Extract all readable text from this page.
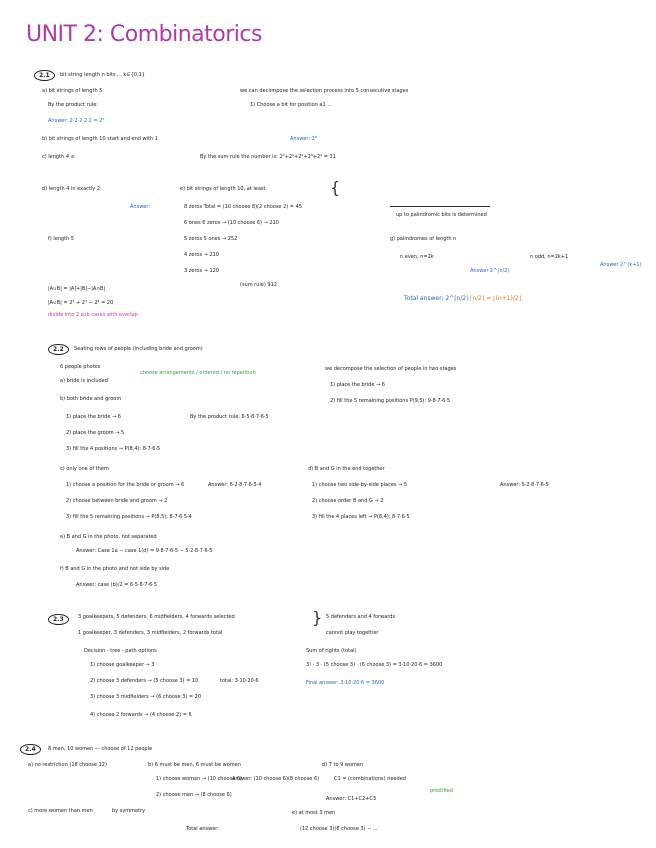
UNIT 2: Combinatorics
2.1	bit string length n bits ... k∈{0,1}
a) bit strings of length 5	we can decompose the selection process into 5 consecutive stages
By the product rule:	1) Choose a bit for position a1 ...
Answer: 2·2·2·2·2 = 2⁵
b) bit strings of length 10 start and end with 1	Answer: 2⁸
c) length 4 ≤	By the sum rule the number is: 2⁰+2¹+2²+2³+2⁴ = 31
d) length 4 in exactly 2
Answer:
e) bit strings of length 10, at least	{
8 zeros Total = (10 choose 8)(2 choose 2) = 45
6 ones 6 zeros → (10 choose 6) → 210
5 zeros 5 ones → 252
4 zeros → 210
3 zeros → 120
(sum rule) 912
f) length 5
|A∪B| = |A|+|B|−|A∩B|
|A∪B| = 2⁴ + 2³ − 2² = 20
divide into 2 sub cases with overlap
up to palindromic bits is determined
g) palindromes of length n
n even, n=2k	n odd, n=2k+1
Answer 2^(n/2)
Answer 2^(k+1)
Total answer: 2^⌈n/2⌉ ⌈n/2⌉ = ⌊(n+1)/2⌋
2.2	Seating rows of people (including bride and groom)
6 people photos
a) bride is included
choose arrangements / ordered / no repetition
we decompose the selection of people in two stages
1) place the bride → 6
2) fill the 5 remaining positions P(9,5): 9·8·7·6·5
b) both bride and groom
1) place the bride → 6
2) place the groom → 5
3) fill the 4 positions → P(8,4): 8·7·6·5
By the product rule: 6·5·8·7·6·5
c) only one of them
1) choose a position for the bride or groom → 6
2) choose between bride and groom → 2
3) fill the 5 remaining positions → P(8,5): 8·7·6·5·4
Answer: 6·2·8·7·6·5·4
d) B and G in the end together
1) choose two side-by-side places → 5
2) choose order B and G → 2
3) fill the 4 places left → P(8,4): 8·7·6·5
Answer: 5·2·8·7·6·5
e) B and G in the photo, not separated
Answer: Case 1a − case 1(d) = 9·8·7·6·5 − 5·2·8·7·6·5
f) B and G in the photo and not side by side
Answer: case (b)/2 = 6·5·8·7·6·5
2.3	3 goalkeepers, 5 defenders, 6 midfielders, 4 forwards selected
1 goalkeeper, 3 defenders, 3 midfielders, 2 forwards total
} 5 defenders and 4 forwards
cannot play together
Decision - tree - path options
1) choose goalkeeper → 3
2) choose 3 defenders → (5 choose 3) = 10
3) choose 3 midfielders → (6 choose 3) = 20
4) choose 2 forwards → (4 choose 2) = 6
total: 3·10·20·6
Sum of rights (total)
3! · 3 · (5 choose 3) · (6 choose 3) = 3·10·20·6 = 3600
Final answer: 3·10·20·6 = 3600
2.4	8 men, 10 women — choose of 12 people
a) no restriction (18 choose 12)	b) 6 must be men, 6 must be women
1) choose women → (10 choose 6)
2) choose men → (8 choose 6)
Answer: (10 choose 6)(8 choose 6)
c) more women than men	by symmetry
Total answer:
d) 7 to 9 women
C1 = (combinations) needed
Answer: C1+C2+C3
prettified
e) at most 3 men
(12 choose 3)(8 choose 3) − ...
